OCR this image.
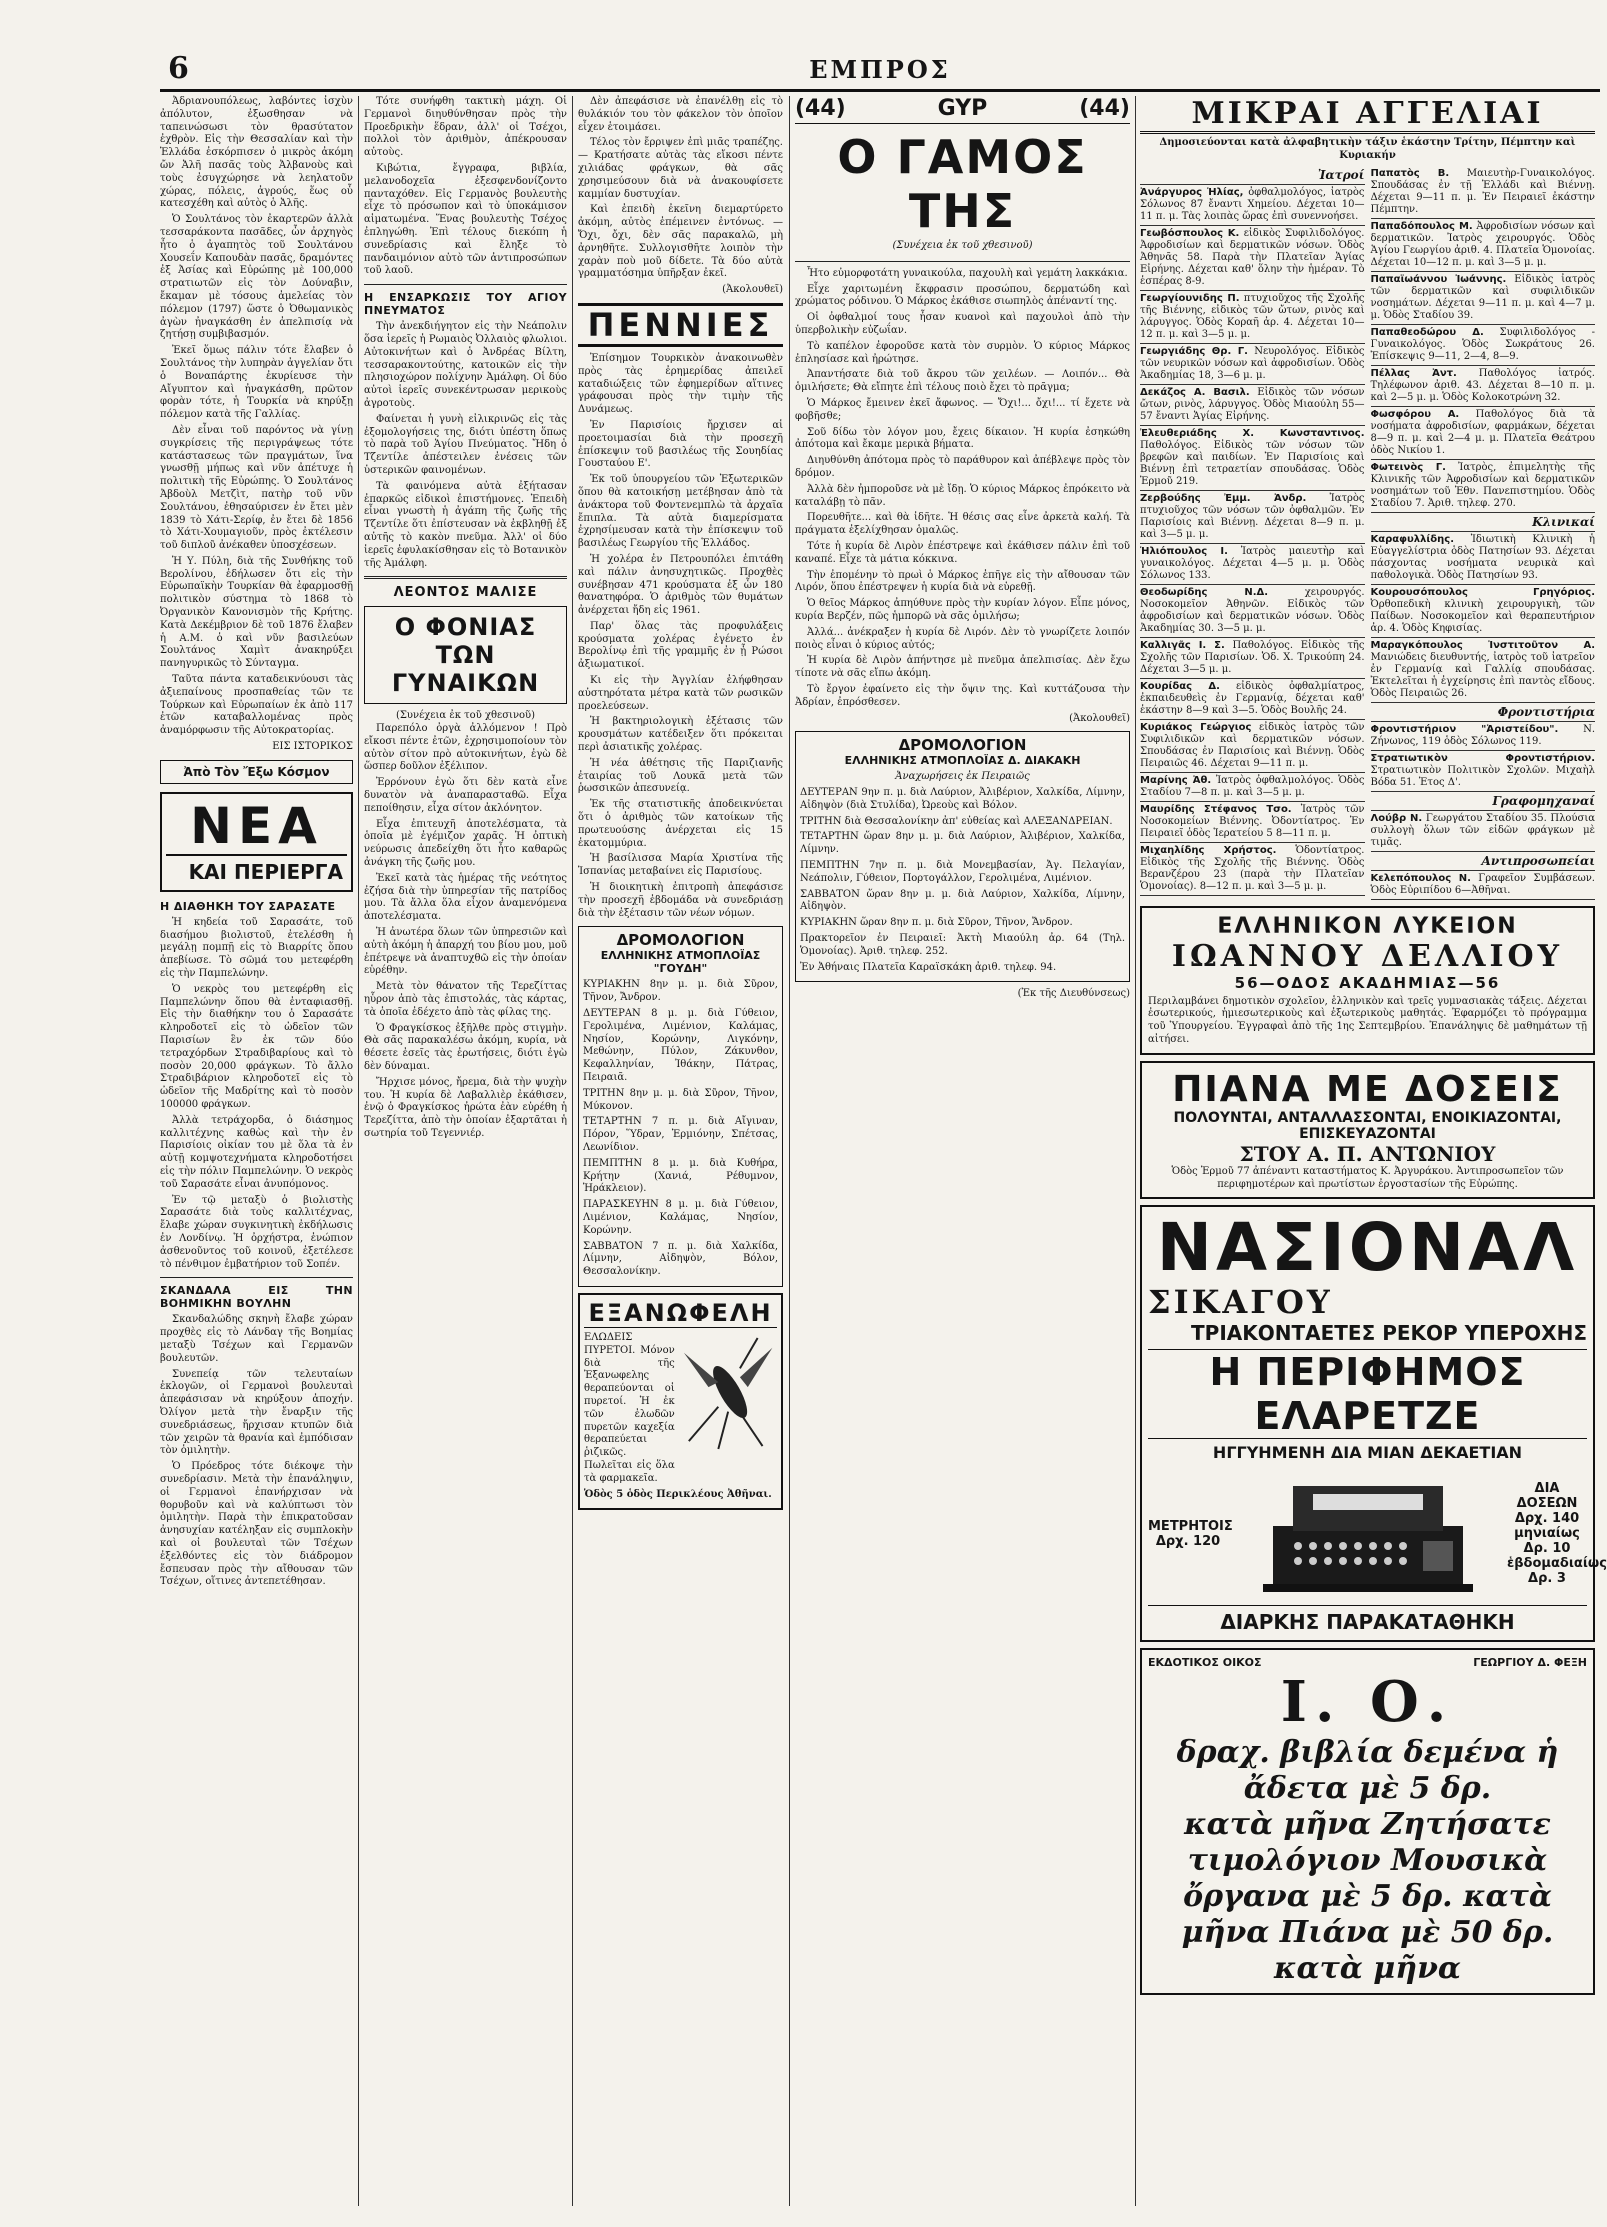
6	ΕΜΠΡΟΣ

Ἀδριανουπόλεως, λαβόντες ἰσχὺν ἀπόλυτον, ἐξωσθησαν νὰ ταπεινώσωσι τὸν θρασύτατον ἐχθρὸν. Εἰς τὴν Θεσσαλίαν καὶ τὴν Ἑλλάδα ἐσκόρπισεν ὁ μικρὸς ἀκόμη ὤν Ἀλῆ πασᾶς τοὺς Ἀλβανοὺς καὶ τοὺς ἐσυγχώρησε νὰ λεηλατοῦν χώρας, πόλεις, ἀγρούς, ἕως οὗ κατεσχέθη καὶ αὐτὸς ὁ Ἀλῆς.

Ὁ Σουλτάνος τὸν ἐκαρτερῶν ἀλλὰ τεσσαράκοντα πασᾶδες, ὧν ἀρχηγὸς ἦτο ὁ ἀγαπητὸς τοῦ Σουλτάνου Χουσεΐν Καπουδὰν πασᾶς, δραμόντες ἐξ Ἀσίας καὶ Εὐρώπης μὲ 100,000 στρατιωτῶν εἰς τὸν Δούναβιν, ἔκαμαν μὲ τόσους ἀμελείας τὸν πόλεμον (1797) ὥστε ὁ Ὀθωμανικὸς ἀγὼν ἠναγκάσθη ἐν ἀπελπισίᾳ νὰ ζητήσῃ συμβιβασμόν.

Ἐκεῖ ὅμως πάλιν τότε ἔλαβεν ὁ Σουλτάνος τὴν λυπηρὰν ἀγγελίαν ὅτι ὁ Βοναπάρτης ἐκυρίευσε τὴν Αἴγυπτον καὶ ἠναγκάσθη, πρῶτον φορὰν τότε, ἡ Τουρκία νὰ κηρύξῃ πόλεμον κατὰ τῆς Γαλλίας.

Δὲν εἶναι τοῦ παρόντος νὰ γίνῃ συγκρίσεις τῆς περιγράψεως τότε κατάστασεως τῶν πραγμάτων, ἵνα γνωσθῇ μήπως καὶ νῦν ἀπέτυχε ἡ πολιτικὴ τῆς Εὐρώπης. Ὁ Σουλτάνος Ἀβδοὺλ Μετζὶτ, πατὴρ τοῦ νῦν Σουλτάνου, ἐθησαύρισεν ἐν ἔτει μὲν 1839 τὸ Χάτι-Σερίφ, ἐν ἔτει δὲ 1856 τὸ Χάτι-Χουμαγιοῦν, πρὸς ἐκτέλεσιν τοῦ διπλοῦ ἀνέκαθεν ὑποσχέσεων.

Ἡ Υ. Πύλη, διὰ τῆς Συνθήκης τοῦ Βερολίνου, ἐδήλωσεν ὅτι εἰς τὴν Εὐρωπαϊκὴν Τουρκίαν θὰ ἐφαρμοσθῇ πολιτικὸν σύστημα τὸ 1868 τὸ Ὀργανικὸν Κανονισμὸν τῆς Κρήτης. Κατὰ Δεκέμβριον δὲ τοῦ 1876 ἔλαβεν ἡ Α.Μ. ὁ καὶ νῦν βασιλεύων Σουλτάνος Χαμὶτ ἀνακηρύξει πανηγυρικῶς τὸ Σύνταγμα.

Ταῦτα πάντα καταδεικνύουσι τὰς ἀξιεπαίνους προσπαθείας τῶν τε Τούρκων καὶ Εὐρωπαίων ἐκ ἀπὸ 117 ἐτῶν καταβαλλομένας πρὸς ἀναμόρφωσιν τῆς Αὐτοκρατορίας.

ΕΙΣ ΙΣΤΟΡΙΚΟΣ
Ἀπὸ Τὸν Ἔξω Κόσμον
ΝΕΑ
ΚΑΙ ΠΕΡΙΕΡΓΑ
Η ΔΙΑΘΗΚΗ ΤΟΥ ΣΑΡΑΣΑΤΕ

Ἡ κηδεία τοῦ Σαρασάτε, τοῦ διασήμου βιολιστοῦ, ἐτελέσθη ἡ μεγάλῃ πομπῇ εἰς τὸ Βιαρρίτς ὅπου ἀπεβίωσε. Τὸ σῶμά του μετεφέρθη εἰς τὴν Παμπελώνην.

Ὁ νεκρὸς του μετεφέρθη εἰς Παμπελώνην ὅπου θὰ ἐνταφιασθῇ. Εἰς τὴν διαθήκην του ὁ Σαρασάτε κληροδοτεῖ εἰς τὸ ὠδεῖον τῶν Παρισίων ἓν ἐκ τῶν δύο τετραχόρδων Στραδιβαρίους καὶ τὸ ποσὸν 20,000 φράγκων. Τὸ ἄλλο Στραδιβάριον κληροδοτεῖ εἰς τὸ ὠδεῖον τῆς Μαδρίτης καὶ τὸ ποσὸν 100000 φράγκων.

Ἀλλὰ τετράχορδα, ὁ διάσημος καλλιτέχνης καθὼς καὶ τὴν ἐν Παρισίοις οἰκίαν του μὲ ὅλα τὰ ἐν αὐτῇ κομψοτεχνήματα κληροδοτήσει εἰς τὴν πόλιν Παμπελώνην. Ὁ νεκρὸς τοῦ Σαρασάτε εἶναι ἀνυπόμονος.

Ἐν τῷ μεταξὺ ὁ βιολιστὴς Σαρασάτε διὰ τοὺς καλλιτέχνας, ἔλαβε χώραν συγκινητικὴ ἐκδήλωσις ἐν Λονδίνῳ. Ἡ ὀρχήστρα, ἐνώπιον ἀσθενοῦντος τοῦ κοινοῦ, ἐξετέλεσε τὸ πένθιμον ἐμβατήριον τοῦ Σοπέν.

ΣΚΑΝΔΑΛΑ ΕΙΣ ΤΗΝ ΒΟΗΜΙΚΗΝ ΒΟΥΛΗΝ

Σκανδαλώδης σκηνὴ ἔλαβε χώραν προχθὲς εἰς τὸ Λάνδαγ τῆς Βοημίας μεταξὺ Τσέχων καὶ Γερμανῶν βουλευτῶν.

Συνεπείᾳ τῶν τελευταίων ἐκλογῶν, οἱ Γερμανοὶ βουλευταὶ ἀπεφάσισαν νὰ κηρύξουν ἀποχήν. Ὀλίγον μετὰ τὴν ἔναρξιν τῆς συνεδριάσεως, ἤρχισαν κτυπῶν διὰ τῶν χειρῶν τὰ θρανία καὶ ἐμπόδισαν τὸν ὁμιλητὴν.

Ὁ Πρόεδρος τότε διέκοψε τὴν συνεδρίασιν. Μετὰ τὴν ἐπανάληψιν, οἱ Γερμανοὶ ἐπανήρχισαν νὰ θορυβοῦν καὶ νὰ καλύπτωσι τὸν ὁμιλητὴν. Παρὰ τὴν ἐπικρατοῦσαν ἀνησυχίαν κατέληξαν εἰς συμπλοκὴν καὶ οἱ βουλευταὶ τῶν Τσέχων ἐξελθόντες εἰς τὸν διάδρομον ἔσπευσαν πρὸς τὴν αἴθουσαν τῶν Τσέχων, οἵτινες ἀντεπετέθησαν.

Τότε συνήφθη τακτικὴ μάχη. Οἱ Γερμανοὶ διηυθύνθησαν πρὸς τὴν Προεδρικὴν ἕδραν, ἀλλ' οἱ Τσέχοι, πολλοὶ τὸν ἀριθμὸν, ἀπέκρουσαν αὐτοὺς.

Κιβώτια, ἔγγραφα, βιβλία, μελανοδοχεῖα ἐξεσφενδονίζοντο πανταχόθεν. Εἰς Γερμανὸς βουλευτὴς εἶχε τὸ πρόσωπον καὶ τὸ ὑποκάμισον αἱματωμένα. Ἕνας βουλευτὴς Τσέχος ἐπληγώθη. Ἐπὶ τέλους διεκόπη ἡ συνεδρίασις καὶ ἔληξε τὸ πανδαιμόνιον αὐτὸ τῶν ἀντιπροσώπων τοῦ λαοῦ.

Η ΕΝΣΑΡΚΩΣΙΣ ΤΟΥ ΑΓΙΟΥ ΠΝΕΥΜΑΤΟΣ

Τὴν ἀνεκδιήγητον εἰς τὴν Νεάπολιν ὅσα ἱερεῖς ἡ Ρωμαιὸς Ὀλλαιὸς φλωλιοι. Αὐτοκινήτων καὶ ὁ Ἀνδρέας Βίλτη, τεσσαρακοντούτης, κατοικῶν εἰς τὴν πλησιοχώρον πολίχνην Ἀμάλφη. Οἱ δύο αὐτοὶ ἱερεῖς συνεκέντρωσαν μερικοὺς ἀγροτοὺς.

Φαίνεται ἡ γυνὴ εἰλικρινῶς εἰς τὰς ἐξομολογήσεις της, διότι ὑπέστη ὅπως τὸ παρὰ τοῦ Ἁγίου Πνεύματος. Ἤδη ὁ Τζεντίλε ἀπέστειλεν ἐνέσεις τῶν ὑστερικῶν φαινομένων.

Τὰ φαινόμενα αὐτὰ ἐξήτασαν ἐπαρκῶς εἰδικοὶ ἐπιστήμονες. Ἐπειδὴ εἶναι γνωστὴ ἡ ἀγάπη τῆς ζωῆς τῆς Τζεντίλε ὅτι ἐπίστευσαν νὰ ἐκβληθῇ ἐξ αὐτῆς τὸ κακὸν πνεῦμα. Ἀλλ' οἱ δύο ἱερεῖς ἐφυλακίσθησαν εἰς τὸ Βοτανικὸν τῆς Ἀμάλφη.

ΛΕΟΝΤΟΣ ΜΑΛΙΣΕ
Ο ΦΟΝΙΑΣ ΤΩΝ ΓΥΝΑΙΚΩΝ
(Συνέχεια ἐκ τοῦ χθεσινοῦ)

Παρεπόλο ὀργὰ ἀλλόμενον ! Πρὸ εἴκοσι πέντε ἐτῶν, ἐχρησιμοποίουν τὸν αὐτὸν σίτον πρὸ αὐτοκινήτων, ἐγὼ δὲ ὥσπερ δοῦλον ἐξέλιπον.

Ἐρρόνουν ἐγὼ ὅτι δὲν κατὰ εἶνε δυνατὸν νὰ ἀναπαρασταθῶ. Εἶχα πεποίθησιν, εἶχα σίτον ἀκλόνητον.

Εἶχα ἐπιτευχῆ ἀποτελέσματα, τὰ ὁποῖα μὲ ἐγέμιζον χαρᾶς. Ἡ ὀπτικὴ νεύρωσις ἀπεδείχθη ὅτι ἦτο καθαρῶς ἀνάγκη τῆς ζωῆς μου.

Ἐκεῖ κατὰ τὰς ἡμέρας τῆς νεότητος ἐζήσα διὰ τὴν ὑπηρεσίαν τῆς πατρίδος μου. Τὰ ἄλλα ὅλα εἶχον ἀναμενόμενα ἀποτελέσματα.

Ἡ ἀνωτέρα ὅλων τῶν ὑπηρεσιῶν καὶ αὐτὴ ἀκόμη ἡ ἀπαρχή του βίου μου, μοῦ ἐπέτρεψε νὰ ἀναπτυχθῶ εἰς τὴν ὁποίαν εὑρέθην.

Μετὰ τὸν θάνατον τῆς Τερεζίττας ηὗρον ἀπὸ τὰς ἐπιστολάς, τὰς κάρτας, τὰ ὁποῖα ἐδέχετο ἀπὸ τὰς φίλας της.

Ὁ Φραγκίσκος ἐξῆλθε πρὸς στιγμὴν. Θὰ σᾶς παρακαλέσω ἀκόμη, κυρία, νὰ θέσετε ἐσεῖς τὰς ἐρωτήσεις, διότι ἐγὼ δὲν δύναμαι.

Ἤρχισε μόνος, ἤρεμα, διὰ τὴν ψυχὴν του. Ἡ κυρία δὲ Λαβαλλιὲρ ἐκάθισεν, ἐνῷ ὁ Φραγκίσκος ἠρώτα ἐὰν εὑρέθη ἡ Τερεζίττα, ἀπὸ τὴν ὁποίαν ἐξαρτᾶται ἡ σωτηρία τοῦ Τεγεννιέρ.

Δὲν ἀπεφάσισε νὰ ἐπανέλθῃ εἰς τὸ θυλάκιόν του τὸν φάκελον τὸν ὁποῖον εἶχεν ἑτοιμάσει.

Τέλος τὸν ἔρριψεν ἐπὶ μιᾶς τραπέζης. — Κρατήσατε αὐτὰς τὰς εἴκοσι πέντε χιλιάδας φράγκων, θὰ σᾶς χρησιμεύσουν διὰ νὰ ἀνακουφίσετε καμμίαν δυστυχίαν.

Καὶ ἐπειδὴ ἐκεῖνη διεμαρτύρετο ἀκόμη, αὐτὸς ἐπέμεινεν ἐντόνως. — Ὄχι, ὄχι, δὲν σᾶς παρακαλῶ, μὴ ἀρνηθῆτε. Συλλογισθῆτε λοιπὸν τὴν χαρὰν ποὺ μοῦ δίδετε. Τὰ δύο αὐτὰ γραμματόσημα ὑπῆρξαν ἐκεῖ.

(Ἀκολουθεῖ)
ΠΕΝΝΙΕΣ

Ἐπίσημον Τουρκικὸν ἀνακοινωθὲν πρὸς τὰς ἐρημερίδας ἀπειλεῖ καταδιώξεις τῶν ἐφημερίδων αἵτινες γράφουσαι πρὸς τὴν τιμὴν τῆς Δυνάμεως.

Ἐν Παρισίοις ἤρχισεν αἱ προετοιμασίαι διὰ τὴν προσεχῆ ἐπίσκεψιν τοῦ βασιλέως τῆς Σουηδίας Γουσταύου Ε'.

Ἐκ τοῦ ὑπουργείου τῶν Ἐξωτερικῶν ὅπου θὰ κατοικήσῃ μετέβησαν ἀπὸ τὰ ἀνάκτορα τοῦ Φοντενεμπλὼ τὰ ἀρχαῖα ἔπιπλα. Τὰ αὐτὰ διαμερίσματα ἐχρησίμευσαν κατὰ τὴν ἐπίσκεψιν τοῦ βασιλέως Γεωργίου τῆς Ἑλλάδος.

Ἡ χολέρα ἐν Πετρουπόλει ἐπιτάθη καὶ πάλιν ἀνησυχητικῶς. Προχθὲς συνέβησαν 471 κρούσματα ἐξ ὧν 180 θανατηφόρα. Ὁ ἀριθμὸς τῶν θυμάτων ἀνέρχεται ἤδη εἰς 1961.

Παρ' ὅλας τὰς προφυλάξεις κρούσματα χολέρας ἐγένετο ἐν Βερολίνῳ ἐπὶ τῆς γραμμῆς ἐν ᾗ Ρώσοι ἀξιωματικοί.

Κι εἰς τὴν Ἀγγλίαν ἐλήφθησαν αὐστηρότατα μέτρα κατὰ τῶν ρωσικῶν προελεύσεων.

Ἡ βακτηριολογικὴ ἐξέτασις τῶν κρουσμάτων κατέδειξεν ὅτι πρόκειται περὶ ἀσιατικῆς χολέρας.

Ἡ νέα ἀθέτησις τῆς Παριζιανῆς ἐταιρίας τοῦ Λουκᾶ μετὰ τῶν ῥωσσικῶν ἀπεσυνείᾳ.

Ἐκ τῆς στατιστικῆς ἀποδεικνύεται ὅτι ὁ ἀριθμὸς τῶν κατοίκων τῆς πρωτευούσης ἀνέρχεται εἰς 15 ἑκατομμύρια.

Ἡ βασίλισσα Μαρία Χριστίνα τῆς Ἱσπανίας μεταβαίνει εἰς Παρισίους.

Ἡ διοικητικὴ ἐπιτροπὴ ἀπεφάσισε τὴν προσεχῆ ἐβδομάδα νὰ συνεδριάσῃ διὰ τὴν ἐξέτασιν τῶν νέων νόμων.

ΔΡΟΜΟΛΟΓΙΟΝ
ΕΛΛΗΝΙΚΗΣ ΑΤΜΟΠΛΟΪΑΣ "ΓΟΥΔΗ"

ΚΥΡΙΑΚΗΝ 8ην μ. μ. διὰ Σῦρον, Τῆνον, Ἄνδρον.

ΔΕΥΤΕΡΑΝ 8 μ. μ. διὰ Γύθειον, Γερολιμένα, Λιμένιον, Καλάμας, Νησίον, Κορώνην, Λιγκόνην, Μεθώνην, Πύλον, Ζάκυνθον, Κεφαλληνίαν, Ἰθάκην, Πάτρας, Πειραιᾶ.

ΤΡΙΤΗΝ 8ην μ. μ. διὰ Σῦρον, Τῆνον, Μύκονον.

ΤΕΤΑΡΤΗΝ 7 π. μ. διὰ Αἴγιναν, Πόρον, Ὕδραν, Ἑρμιόνην, Σπέτσας, Λεωνίδιον.

ΠΕΜΠΤΗΝ 8 μ. μ. διὰ Κυθήρα, Κρήτην (Χανιά, Ρέθυμνον, Ἡράκλειον).

ΠΑΡΑΣΚΕΥΗΝ 8 μ. μ. διὰ Γύθειον, Λιμένιον, Καλάμας, Νησίον, Κορώνην.

ΣΑΒΒΑΤΟΝ 7 π. μ. διὰ Χαλκίδα, Λίμνην, Αἰδηψὸν, Βόλον, Θεσσαλονίκην.

ΕΞΑΝΩΦΕΛΗ

ΕΛΩΔΕΙΣ ΠΥΡΕΤΟΙ. Μόνον διὰ τῆς Ἐξανωφελης θεραπεύονται οἱ πυρετοί. Ἡ ἐκ τῶν ἐλωδῶν πυρετῶν καχεξία θεραπεύεται ῥιζικῶς. Πωλεῖται εἰς ὅλα τὰ φαρμακεῖα.

Ὁδὸς 5 ὁδὸς Περικλέους Ἀθῆναι.

(44)	GYP	(44)
Ο ΓΑΜΟΣ ΤΗΣ
(Συνέχεια ἐκ τοῦ χθεσινοῦ)

Ἦτο εὐμορφοτάτη γυναικούλα, παχουλὴ καὶ γεμάτη λακκάκια.

Εἶχε χαριτωμένη ἔκφρασιν προσώπου, δερματώδη καὶ χρώματος ρόδινου. Ὁ Μάρκος ἐκάθισε σιωπηλὸς ἀπέναντί της.

Οἱ ὀφθαλμοί τους ἦσαν κυανοὶ καὶ παχουλοὶ ἀπὸ τὴν ὑπερβολικὴν εὐζωΐαν.

Τὸ καπέλον ἐφοροῦσε κατὰ τὸν συρμὸν. Ὁ κύριος Μάρκος ἐπλησίασε καὶ ἠρώτησε.

Ἀπαντήσατε διὰ τοῦ ἄκρου τῶν χειλέων. — Λοιπόν... Θὰ ὁμιλήσετε; Θὰ εἴπητε ἐπὶ τέλους ποιὸ ἔχει τὸ πρᾶγμα;

Ὁ Μάρκος ἔμεινεν ἐκεῖ ἄφωνος. — Ὄχι!... ὄχι!... τί ἔχετε νὰ φοβῆσθε;

Σοῦ δίδω τὸν λόγον μου, ἔχεις δίκαιον. Ἡ κυρία ἐσηκώθη ἀπότομα καὶ ἔκαμε μερικὰ βήματα.

Διηυθύνθη ἀπότομα πρὸς τὸ παράθυρον καὶ ἀπέβλεψε πρὸς τὸν δρόμον.

Ἀλλὰ δὲν ἠμποροῦσε νὰ μὲ ἴδῃ. Ὁ κύριος Μάρκος ἐπρόκειτο νὰ καταλάβῃ τὸ πᾶν.

Πορευθῆτε... καὶ θὰ ἰδῆτε. Ἡ θέσις σας εἶνε ἀρκετὰ καλή. Τὰ πράγματα ἐξελίχθησαν ὁμαλῶς.

Τότε ἡ κυρία δὲ Λιρὸν ἐπέστρεψε καὶ ἐκάθισεν πάλιν ἐπὶ τοῦ καναπέ. Εἶχε τὰ μάτια κόκκινα.

Τὴν ἐπομένην τὸ πρωὶ ὁ Μάρκος ἐπῆγε εἰς τὴν αἴθουσαν τῶν Λιρόν, ὅπου ἐπέστρεψεν ἡ κυρία διὰ νὰ εὑρεθῇ.

Ὁ θεῖος Μάρκος ἀπηύθυνε πρὸς τὴν κυρίαν λόγον. Εἶπε μόνος, κυρία Βερζέν, πῶς ἡμπορῶ νὰ σᾶς ὁμιλήσω;

Ἀλλά... ἀνέκραξεν ἡ κυρία δὲ Λιρόν. Δὲν τὸ γνωρίζετε λοιπόν ποιὸς εἶναι ὁ κύριος αὐτός;

Ἡ κυρία δὲ Λιρὸν ἀπήντησε μὲ πνεῦμα ἀπελπισίας. Δὲν ἔχω τίποτε νὰ σᾶς εἴπω ἀκόμη.

Τὸ ἔργον ἐφαίνετο εἰς τὴν ὄψιν της. Καὶ κυττάζουσα τὴν Ἀδρίαν, ἐπρόσθεσεν.

(Ἀκολουθεῖ)
ΔΡΟΜΟΛΟΓΙΟΝ
ΕΛΛΗΝΙΚΗΣ ΑΤΜΟΠΛΟΪΑΣ Δ. ΔΙΑΚΑΚΗ

Ἀναχωρήσεις ἐκ Πειραιῶς

ΔΕΥΤΕΡΑΝ 9ην π. μ. διὰ Λαύριον, Ἀλιβέριον, Χαλκίδα, Λίμνην, Αἰδηψὸν (διὰ Στυλίδα), Ὠρεοὺς καὶ Βόλον.

ΤΡΙΤΗΝ διὰ Θεσσαλονίκην ἀπ' εὐθείας καὶ ΑΛΕΞΑΝΔΡΕΙΑΝ.

ΤΕΤΑΡΤΗΝ ὥραν 8ην μ. μ. διὰ Λαύριον, Ἀλιβέριον, Χαλκίδα, Λίμνην.

ΠΕΜΠΤΗΝ 7ην π. μ. διὰ Μονεμβασίαν, Ἀγ. Πελαγίαν, Νεάπολιν, Γύθειον, Πορτογάλλον, Γερολιμένα, Λιμένιον.

ΣΑΒΒΑΤΟΝ ὥραν 8ην μ. μ. διὰ Λαύριον, Χαλκίδα, Λίμνην, Αἰδηψὸν.

ΚΥΡΙΑΚΗΝ ὥραν 8ην π. μ. διὰ Σῦρον, Τῆνον, Ἄνδρον.

Πρακτορεῖον ἐν Πειραιεῖ: Ἀκτὴ Μιαούλη ἀρ. 64 (Τηλ. Ὁμονοίας). Ἀριθ. τηλεφ. 252.

Ἐν Ἀθήναις Πλατεῖα Καραϊσκάκη ἀριθ. τηλεφ. 94.

(Ἐκ τῆς Διευθύνσεως)
ΜΙΚΡΑΙ ΑΓΓΕΛΙΑΙ
Δημοσιεύονται κατὰ ἀλφαβητικὴν τάξιν ἑκάστην Τρίτην, Πέμπτην καὶ Κυριακήν
Ἰατροί
Ἀνάργυρος Ἠλίας, ὀφθαλμολόγος, ἰατρὸς Σόλωνος 87 ἔναντι Χημείου. Δέχεται 10—11 π. μ. Τὰς λοιπὰς ὥρας ἐπὶ συνεννοήσει.
Γεωβόσπουλος Κ. εἰδικὸς Συφιλιδολόγος. Ἀφροδισίων καὶ δερματικῶν νόσων. Ὁδὸς Ἀθηνᾶς 58. Παρὰ τὴν Πλατεῖαν Ἁγίας Εἰρήνης. Δέχεται καθ' ὅλην τὴν ἡμέραν. Τὸ ἑσπέρας 8-9.
Γεωργίουνιδης Π. πτυχιοῦχος τῆς Σχολῆς τῆς Βιέννης, εἰδικὸς τῶν ὤτων, ρινὸς καὶ λάρυγγος. Ὁδὸς Κοραῆ ἀρ. 4. Δέχεται 10—12 π. μ. καὶ 3—5 μ. μ.
Γεωργιάδης Θρ. Γ. Νευρολόγος. Εἰδικὸς τῶν νευρικῶν νόσων καὶ ἀφροδισίων. Ὁδὸς Ἀκαδημίας 18, 3—6 μ. μ.
Δεκάζος Α. Βασιλ. Εἰδικὸς τῶν νόσων ὤτων, ρινὸς, λάρυγγος. Ὁδὸς Μιαούλη 55—57 ἔναντι Ἁγίας Εἰρήνης.
Ἐλευθεριάδης Χ. Κωνσταντινος. Παθολόγος. Εἰδικὸς τῶν νόσων τῶν βρεφῶν καὶ παιδίων. Ἐν Παρισίοις καὶ Βιέννῃ ἐπὶ τετραετίαν σπουδάσας. Ὁδὸς Ἑρμοῦ 219.
Ζερβούδης Ἐμμ. Ἀνδρ. Ἰατρὸς πτυχιοῦχος τῶν νόσων τῶν ὀφθαλμῶν. Ἐν Παρισίοις καὶ Βιέννῃ. Δέχεται 8—9 π. μ. καὶ 3—5 μ. μ.
Ἠλιόπουλος Ι. Ἰατρὸς μαιευτὴρ καὶ γυναικολόγος. Δέχεται 4—5 μ. μ. Ὁδὸς Σόλωνος 133.
Θεοδωρίδης Ν.Δ.	χειρουργός. Νοσοκομεῖον Ἀθηνῶν. Εἰδικὸς τῶν ἀφροδισίων καὶ δερματικῶν νόσων. Ὁδὸς Ἀκαδημίας 30. 3—5 μ. μ.
Καλλιγᾶς Ι. Σ. Παθολόγος. Εἰδικὸς τῆς Σχολῆς τῶν Παρισίων. Ὁδ. Χ. Τρικούπη 24. Δέχεται 3—5 μ. μ.
Κουρίδας Δ. εἰδικὸς ὀφθαλμίατρος, ἐκπαιδευθεὶς ἐν Γερμανίᾳ, δέχεται καθ' ἑκάστην 8—9 καὶ 3—5. Ὁδὸς Βουλῆς 24.
Κυριάκος Γεώργιος εἰδικὸς ἰατρὸς τῶν Συφιλιδικῶν καὶ δερματικῶν νόσων. Σπουδάσας ἐν Παρισίοις καὶ Βιέννῃ. Ὁδὸς Πειραιῶς 46. Δέχεται 9—11 π. μ.
Μαρίνης Ἀθ. Ἰατρὸς ὀφθαλμολόγος. Ὁδὸς Σταδίου 7—8 π. μ. καὶ 3—5 μ. μ.
Μαυρίδης Στέφανος Τσο. Ἰατρὸς τῶν Νοσοκομείων Βιέννης. Ὀδοντίατρος. Ἐν Πειραιεῖ ὁδὸς Ἱερατείου 5 8—11 π. μ.
Μιχαηλίδης Χρήστος. Ὁδοντίατρος. Εἰδικὸς τῆς Σχολῆς τῆς Βιέννης. Ὁδὸς Βερανζέρου 23 (παρὰ τὴν Πλατεῖαν Ὁμονοίας). 8—12 π. μ. καὶ 3—5 μ. μ.
Παπατὸς Β. Μαιευτὴρ-Γυναικολόγος. Σπουδάσας ἐν τῇ Ἑλλάδι καὶ Βιέννῃ. Δέχεται 9—11 π. μ. Ἐν Πειραιεῖ ἐκάστην Πέμπτην.
Παπαδόπουλος Μ. Ἀφροδισίων νόσων καὶ δερματικῶν. Ἰατρὸς χειρουργός. Ὁδὸς Ἁγίου Γεωργίου ἀριθ. 4. Πλατεῖα Ὁμονοίας. Δέχεται 10—12 π. μ. καὶ 3—5 μ. μ.
Παπαϊωάννου Ἰωάννης. Εἰδικὸς ἰατρὸς τῶν δερματικῶν καὶ συφιλιδικῶν νοσημάτων. Δέχεται 9—11 π. μ. καὶ 4—7 μ. μ. Ὁδὸς Σταδίου 39.
Παπαθεοδώρου Δ. Συφιλιδολόγος - Γυναικολόγος. Ὁδὸς Σωκράτους 26. Ἐπίσκεψις 9—11, 2—4, 8—9.
Πέλλας Ἀντ. Παθολόγος ἰατρός. Τηλέφωνον ἀριθ. 43. Δέχεται 8—10 π. μ. καὶ 2—5 μ. μ. Ὁδὸς Κολοκοτρώνη 32.
Φωσφόρου Α. Παθολόγος διὰ τὰ νοσήματα ἀφροδισίων, φαρμάκων, δέχεται 8—9 π. μ. καὶ 2—4 μ. μ. Πλατεῖα Θεάτρου ὁδὸς Νικίου 1.
Φωτεινὸς Γ. Ἰατρὸς, ἐπιμελητὴς τῆς Κλινικῆς τῶν Ἀφροδισίων καὶ δερματικῶν νοσημάτων τοῦ Ἐθν. Πανεπιστημίου. Ὁδὸς Σταδίου 7. Ἀριθ. τηλεφ. 270.
Κλινικαί
Καραφυλλίδης. Ἰδιωτικὴ Κλινικὴ ἡ Εὐαγγελίστρια ὁδὸς Πατησίων 93. Δέχεται πάσχοντας νοσήματα νευρικὰ καὶ παθολογικὰ. Ὁδὸς Πατησίων 93.
Κουρουσόπουλος Γρηγόριος. Ὀρθοπεδικὴ κλινικὴ χειρουργικὴ, τῶν Παίδων. Νοσοκομεῖον καὶ θεραπευτήριον ἀρ. 4. Ὁδὸς Κηφισίας.
Μαραγκόπουλος Ἰνστιτοῦτον Α. Μανιώδεις διευθυντής, ἰατρὸς τοῦ ἰατρεῖον ἐν Γερμανίᾳ καὶ Γαλλίᾳ σπουδάσας. Ἐκτελεῖται ἡ ἐγχείρησις ἐπὶ παντὸς εἴδους. Ὁδὸς Πειραιῶς 26.
Φροντιστήρια
Φροντιστήριον "Ἀριστείδου". Ν. Ζήνωνος, 119 ὁδὸς Σόλωνος 119.
Στρατιωτικὸν Φροντιστήριον. Στρατιωτικὸν Πολιτικὸν Σχολῶν. Μιχαὴλ Βόδα 51. Ἐτος Δ'.
Γραφομηχαναί
Λούβρ Ν. Γεωργάτου Σταδίου 35. Πλούσια συλλογὴ ὅλων τῶν εἰδῶν φράγκων μὲ τιμᾶς.
Αντιπροσωπείαι
Κελεπόπουλος Ν. Γραφεῖον Συμβάσεων. Ὁδὸς Εὐριπίδου 6—Ἀθῆναι.
ΕΛΛΗΝΙΚΟΝ ΛΥΚΕΙΟΝ
ΙΩΑΝΝΟΥ ΔΕΛΛΙΟΥ
56—ΟΔΟΣ ΑΚΑΔΗΜΙΑΣ—56
Περιλαμβάνει δημοτικὸν σχολεῖον, ἑλληνικὸν καὶ τρεῖς γυμνασιακὰς τάξεις. Δέχεται ἐσωτερικούς, ἡμιεσωτερικοὺς καὶ ἐξωτερικοὺς μαθητάς. Ἐφαρμόζει τὸ πρόγραμμα τοῦ Ὑπουργείου. Ἐγγραφαὶ ἀπὸ τῆς 1ης Σεπτεμβρίου. Ἐπανάληψις δὲ μαθημάτων τῇ αἰτήσει.
ΠΙΑΝΑ ΜΕ ΔΟΣΕΙΣ
ΠΟΛΟΥΝΤΑΙ, ΑΝΤΑΛΛΑΣΣΟΝΤΑΙ, ΕΝΟΙΚΙΑΖΟΝΤΑΙ, ΕΠΙΣΚΕΥΑΖΟΝΤΑΙ
ΣΤΟΥ Α. Π. ΑΝΤΩΝΙΟΥ
Ὁδὸς Ἑρμοῦ 77 ἀπέναντι καταστήματος Κ. Ἀργυράκου. Ἀντιπροσωπεῖον τῶν περιφημοτέρων καὶ πρωτίστων ἐργοστασίων τῆς Εὐρώπης.
ΝΑΣΙΟΝΑΛ
ΣΙΚΑΓΟΥ
ΤΡΙΑΚΟΝΤΑΕΤΕΣ ΡΕΚΟΡ ΥΠΕΡΟΧΗΣ
Η ΠΕΡΙΦΗΜΟΣ ΕΛΑΡΕΤΖΕ
ΗΓΓΥΗΜΕΝΗ ΔΙΑ ΜΙΑΝ ΔΕΚΑΕΤΙΑΝ
ΜΕΤΡΗΤΟΙΣ Δρχ. 120
ΔΙΑ ΔΟΣΕΩΝ Δρχ. 140 μηνιαίως Δρ. 10 ἑβδομαδιαίως Δρ. 3
ΔΙΑΡΚΗΣ ΠΑΡΑΚΑΤΑΘΗΚΗ
ΕΚΔΟΤΙΚΟΣ ΟΙΚΟΣ	ΓΕΩΡΓΙΟΥ Δ. ΦΕΞΗ
Ι. Ο.
δραχ. βιβλία δεμένα ἡ ἄδετα μὲ 5 δρ.
κατὰ μῆνα Ζητήσατε τιμολόγιον Μουσικὰ
ὄργανα μὲ 5 δρ. κατὰ μῆνα Πιάνα μὲ 50 δρ. κατὰ μῆνα
